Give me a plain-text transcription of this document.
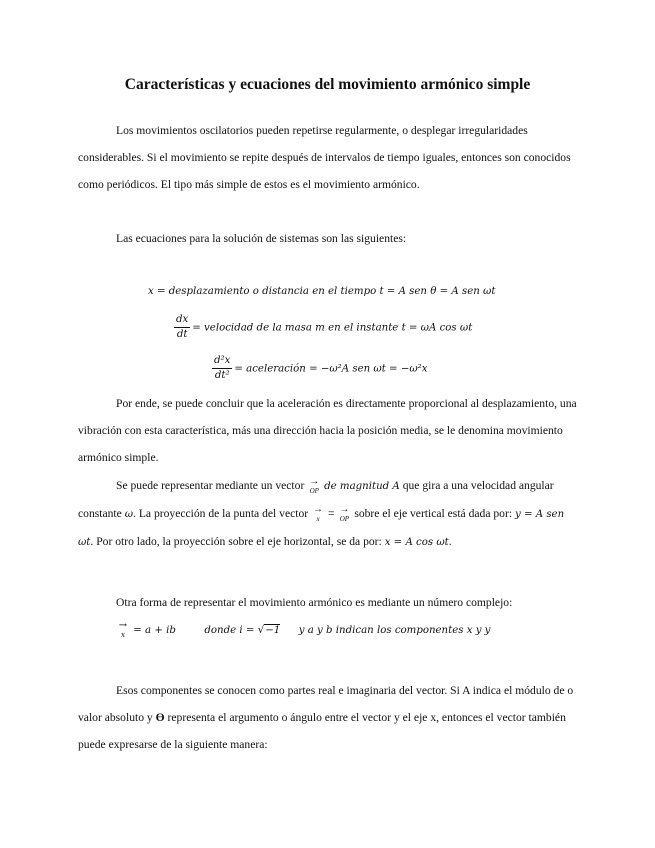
Características y ecuaciones del movimiento armónico simple

Los movimientos oscilatorios pueden repetirse regularmente, o desplegar irregularidades considerables. Si el movimiento se repite después de intervalos de tiempo iguales, entonces son conocidos como periódicos. El tipo más simple de estos es el movimiento armónico.

Las ecuaciones para la solución de sistemas son las siguientes:

x = desplazamiento o distancia en el tiempo t = A sen θ = A sen ωt
$\frac{dx}{dt}$ = velocidad de la masa m en el instante t = ωA cos ωt
$\frac{\text{d²x}}{\text{dt²}}$ = aceleración = −ω²A sen ωt = −ω²x

Por ende, se puede concluir que la aceleración es directamente proporcional al desplazamiento, una vibración con esta característica, más una dirección hacia la posición media, se le denomina movimiento armónico simple.

Se puede representar mediante un vector →
OP de magnitud A que gira a una velocidad angular constante ω. La proyección de la punta del vector →
x = →
OP sobre el eje vertical está dada por: y = A sen ωt. Por otro lado, la proyección sobre el eje horizontal, se da por: x = A cos ωt.

Otra forma de representar el movimiento armónico es mediante un número complejo:

→
x = a + ib	donde i = √−1 y a y b indican los componentes x y y

Esos componentes se conocen como partes real e imaginaria del vector. Si A indica el módulo de o valor absoluto y ϴ representa el argumento o ángulo entre el vector y el eje x, entonces el vector también puede expresarse de la siguiente manera:
